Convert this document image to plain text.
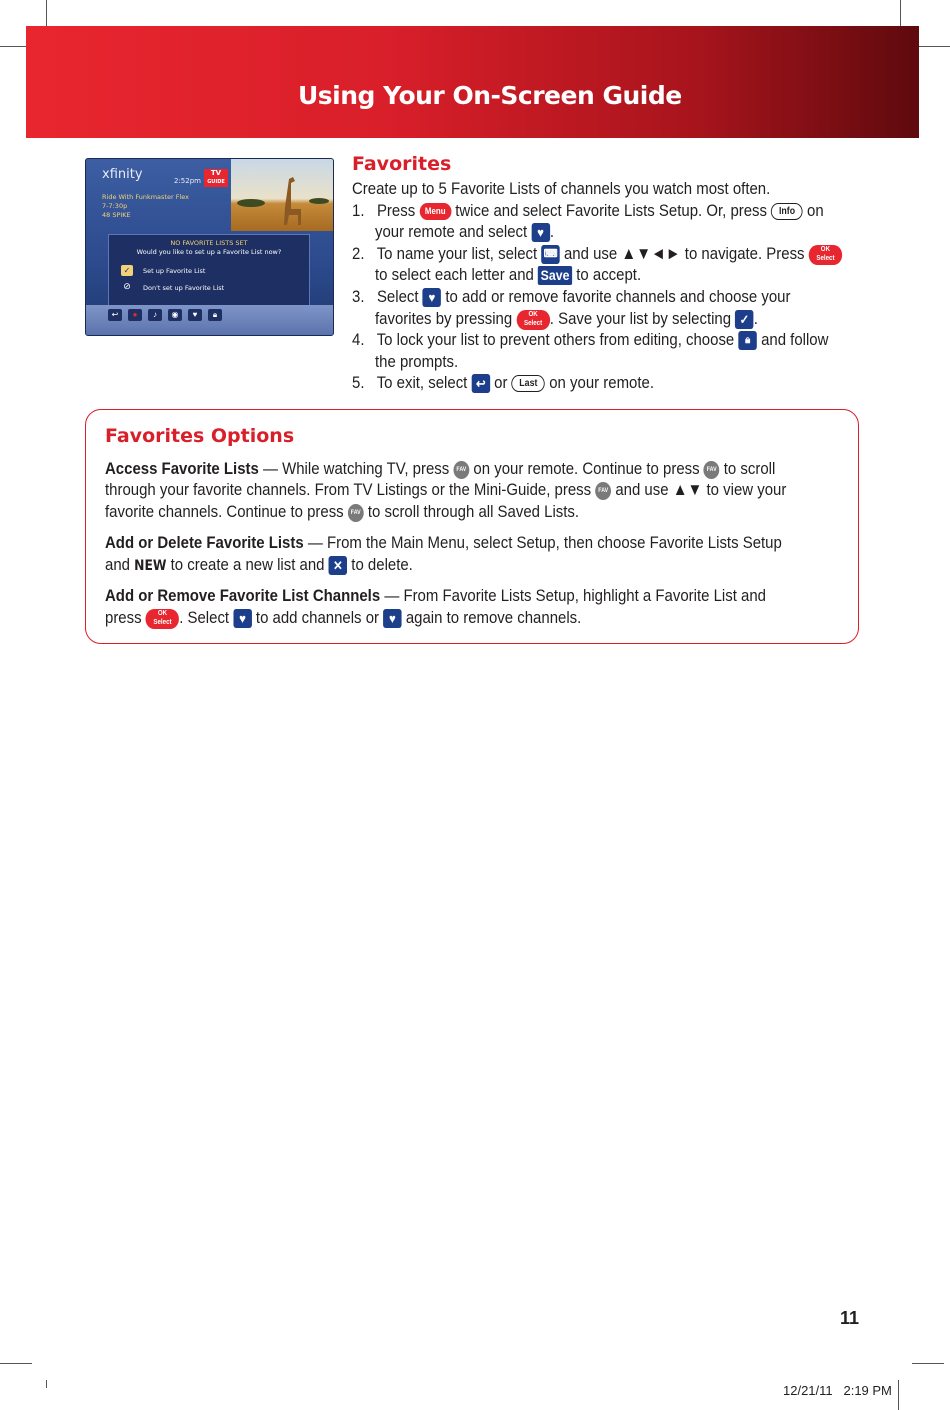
Using Your On-Screen Guide
xfinity	2:52pm
TV
GUIDE
Ride With Funkmaster Flex
7-7:30p
48 SPIKE
NO FAVORITE LISTS SET
Would you like to set up a Favorite List now?
✓	Set up Favorite List
⊘	Don't set up Favorite List
↩	●	♪	◉	♥	🔒︎
Favorites

Create up to 5 Favorite Lists of channels you watch most often.

1. Press Menu twice and select Favorite Lists Setup. Or, press Info on

your remote and select ♥ .

2. To name your list, select ⌨︎ and use ▲▼◄► to navigate. Press OK
Select

to select each letter and Save to accept.

3. Select ♥ to add or remove favorite channels and choose your

favorites by pressing OK
Select . Save your list by selecting ✓ .

4. To lock your list to prevent others from editing, choose 🔒︎ and follow

the prompts.

5. To exit, select ↩ or Last on your remote.

Favorites Options

Access Favorite Lists — While watching TV, press FAV on your remote. Continue to press FAV to scroll

through your favorite channels. From TV Listings or the Mini-Guide, press FAV and use ▲▼ to view your

favorite channels. Continue to press FAV to scroll through all Saved Lists.

Add or Delete Favorite Lists — From the Main Menu, select Setup, then choose Favorite Lists Setup

and NEW to create a new list and ✕ to delete.

Add or Remove Favorite List Channels — From Favorite Lists Setup, highlight a Favorite List and

press OK
Select . Select ♥ to add channels or ♥ again to remove channels.

11
12/21/11   2:19 PM
